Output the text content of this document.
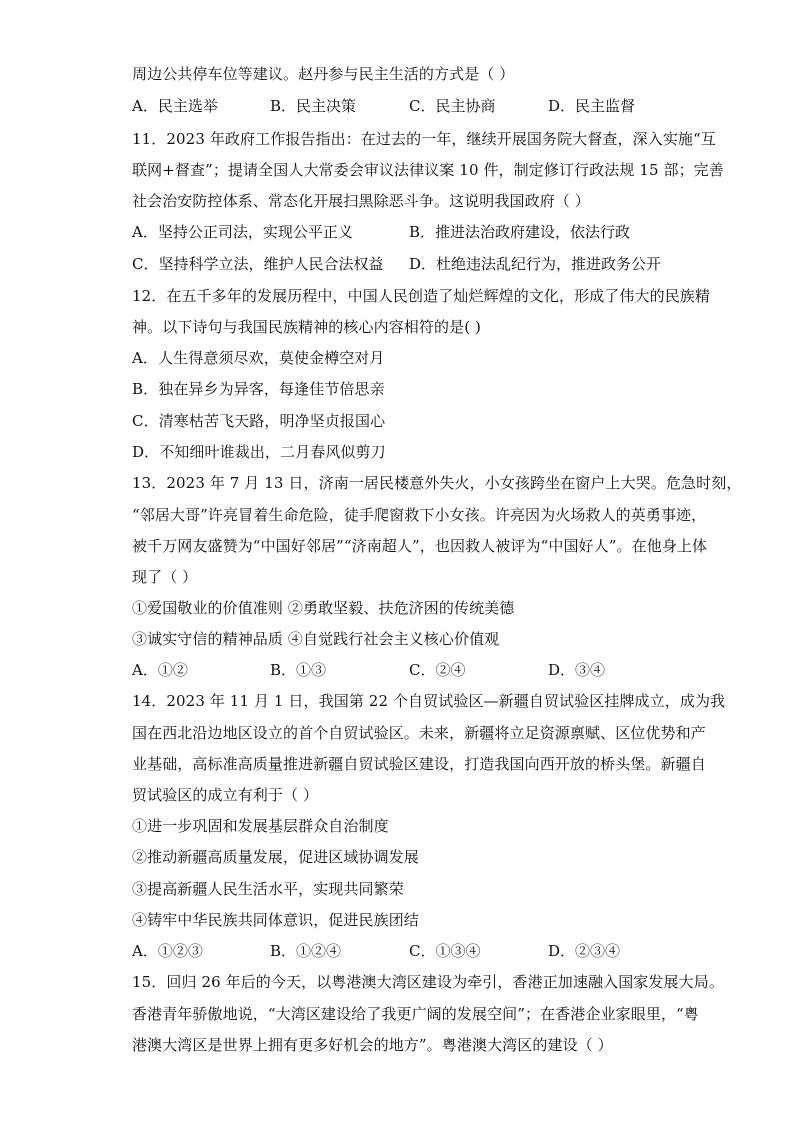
周边公共停车位等建议。赵丹参与民主生活的方式是（ ）
A．民主选举	B．民主决策	C．民主协商	D．民主监督
11．2023 年政府工作报告指出：在过去的一年，继续开展国务院大督查，深入实施“互
联网+督查”；提请全国人大常委会审议法律议案 10 件，制定修订行政法规 15 部；完善
社会治安防控体系、常态化开展扫黑除恶斗争。这说明我国政府（ ）
A．坚持公正司法，实现公平正义	B．推进法治政府建设，依法行政
C．坚持科学立法，维护人民合法权益 D．杜绝违法乱纪行为，推进政务公开
12．在五千多年的发展历程中，中国人民创造了灿烂辉煌的文化，形成了伟大的民族精
神。以下诗句与我国民族精神的核心内容相符的是( )
A．人生得意须尽欢，莫使金樽空对月
B．独在异乡为异客，每逢佳节倍思亲
C．清寒枯苦飞天路，明净坚贞报国心
D．不知细叶谁裁出，二月春风似剪刀
13．2023 年 7 月 13 日，济南一居民楼意外失火，小女孩跨坐在窗户上大哭。危急时刻，
“邻居大哥”许亮冒着生命危险，徒手爬窗救下小女孩。许亮因为火场救人的英勇事迹，
被千万网友盛赞为“中国好邻居”“济南超人”，也因救人被评为“中国好人”。在他身上体
现了（ ）
①爱国敬业的价值准则 ②勇敢坚毅、扶危济困的传统美德
③诚实守信的精神品质 ④自觉践行社会主义核心价值观
A．①②	B．①③	C．②④	D．③④
14．2023 年 11 月 1 日，我国第 22 个自贸试验区—新疆自贸试验区挂牌成立，成为我
国在西北沿边地区设立的首个自贸试验区。未来，新疆将立足资源禀赋、区位优势和产
业基础，高标准高质量推进新疆自贸试验区建设，打造我国向西开放的桥头堡。新疆自
贸试验区的成立有利于（ ）
①进一步巩固和发展基层群众自治制度
②推动新疆高质量发展，促进区域协调发展
③提高新疆人民生活水平，实现共同繁荣
④铸牢中华民族共同体意识，促进民族团结
A．①②③	B．①②④	C．①③④	D．②③④
15．回归 26 年后的今天，以粤港澳大湾区建设为牵引，香港正加速融入国家发展大局。
香港青年骄傲地说，“大湾区建设给了我更广阔的发展空间”；在香港企业家眼里，“粤
港澳大湾区是世界上拥有更多好机会的地方”。粤港澳大湾区的建设（ ）
